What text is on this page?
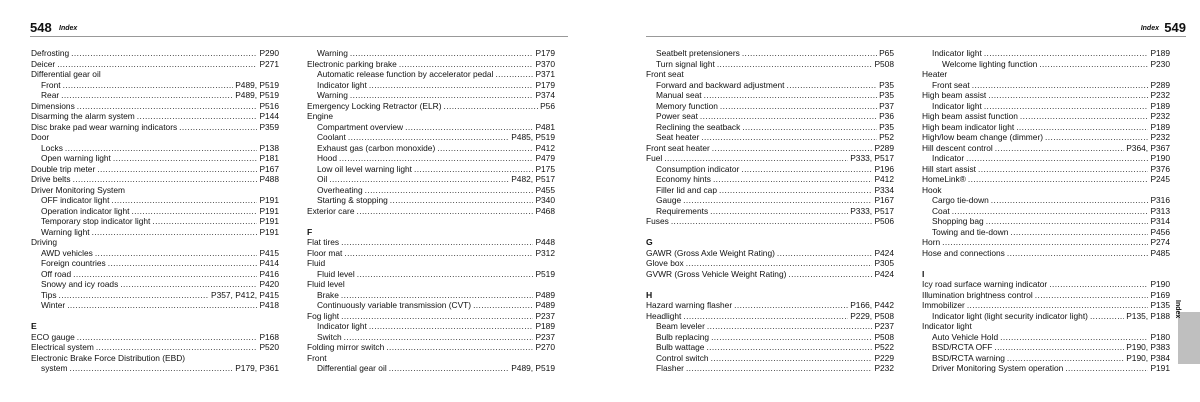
548 Index	Index 549
Defrosting .....	P290
Deicer .....	P271
Differential gear oil
Front .....	P489, P519
Rear .....	P489, P519
Dimensions .....	P516
Disarming the alarm system .....	P144
Disc brake pad wear warning indicators .....	P359
Door
Locks .....	P138
Open warning light .....	P181
Double trip meter .....	P167
Drive belts .....	P488
Driver Monitoring System
OFF indicator light .....	P191
Operation indicator light .....	P191
Temporary stop indicator light .....	P191
Warning light .....	P191
Driving
AWD vehicles .....	P415
Foreign countries .....	P414
Off road .....	P416
Snowy and icy roads .....	P420
Tips .....	P357, P412, P415
Winter .....	P418
E
ECO gauge .....	P168
Electrical system .....	P520
Electronic Brake Force Distribution (EBD)
system .....	P179, P361
Warning .....	P179
Electronic parking brake .....	P370
Automatic release function by accelerator pedal .....	P371
Indicator light .....	P179
Warning .....	P374
Emergency Locking Retractor (ELR) .....	P56
Engine
Compartment overview .....	P481
Coolant .....	P485, P519
Exhaust gas (carbon monoxide) .....	P412
Hood .....	P479
Low oil level warning light .....	P175
Oil .....	P482, P517
Overheating .....	P455
Starting & stopping .....	P340
Exterior care .....	P468
F
Flat tires .....	P448
Floor mat .....	P312
Fluid
Fluid level .....	P519
Fluid level
Brake .....	P489
Continuously variable transmission (CVT) .....	P489
Fog light .....	P237
Indicator light .....	P189
Switch .....	P237
Folding mirror switch .....	P270
Front
Differential gear oil .....	P489, P519
Seatbelt pretensioners .....	P65
Turn signal light .....	P508
Front seat
Forward and backward adjustment .....	P35
Manual seat .....	P35
Memory function .....	P37
Power seat .....	P36
Reclining the seatback .....	P35
Seat heater .....	P52
Front seat heater .....	P289
Fuel .....	P333, P517
Consumption indicator .....	P196
Economy hints .....	P412
Filler lid and cap .....	P334
Gauge .....	P167
Requirements .....	P333, P517
Fuses .....	P506
G
GAWR (Gross Axle Weight Rating) .....	P424
Glove box .....	P305
GVWR (Gross Vehicle Weight Rating) .....	P424
H
Hazard warning flasher .....	P166, P442
Headlight .....	P229, P508
Beam leveler .....	P237
Bulb replacing .....	P508
Bulb wattage .....	P522
Control switch .....	P229
Flasher .....	P232
Indicator light .....	P189
Welcome lighting function .....	P230
Heater
Front seat .....	P289
High beam assist .....	P232
Indicator light .....	P189
High beam assist function .....	P232
High beam indicator light .....	P189
High/low beam change (dimmer) .....	P232
Hill descent control .....	P364, P367
Indicator .....	P190
Hill start assist .....	P376
HomeLink® .....	P245
Hook
Cargo tie-down .....	P316
Coat .....	P313
Shopping bag .....	P314
Towing and tie-down .....	P456
Horn .....	P274
Hose and connections .....	P485
I
Icy road surface warning indicator .....	P190
Illumination brightness control .....	P169
Immobilizer .....	P135
Indicator light (light security indicator light) .....	P135, P188
Indicator light
Auto Vehicle Hold .....	P180
BSD/RCTA OFF .....	P190, P383
BSD/RCTA warning .....	P190, P384
Driver Monitoring System operation .....	P191
Index
